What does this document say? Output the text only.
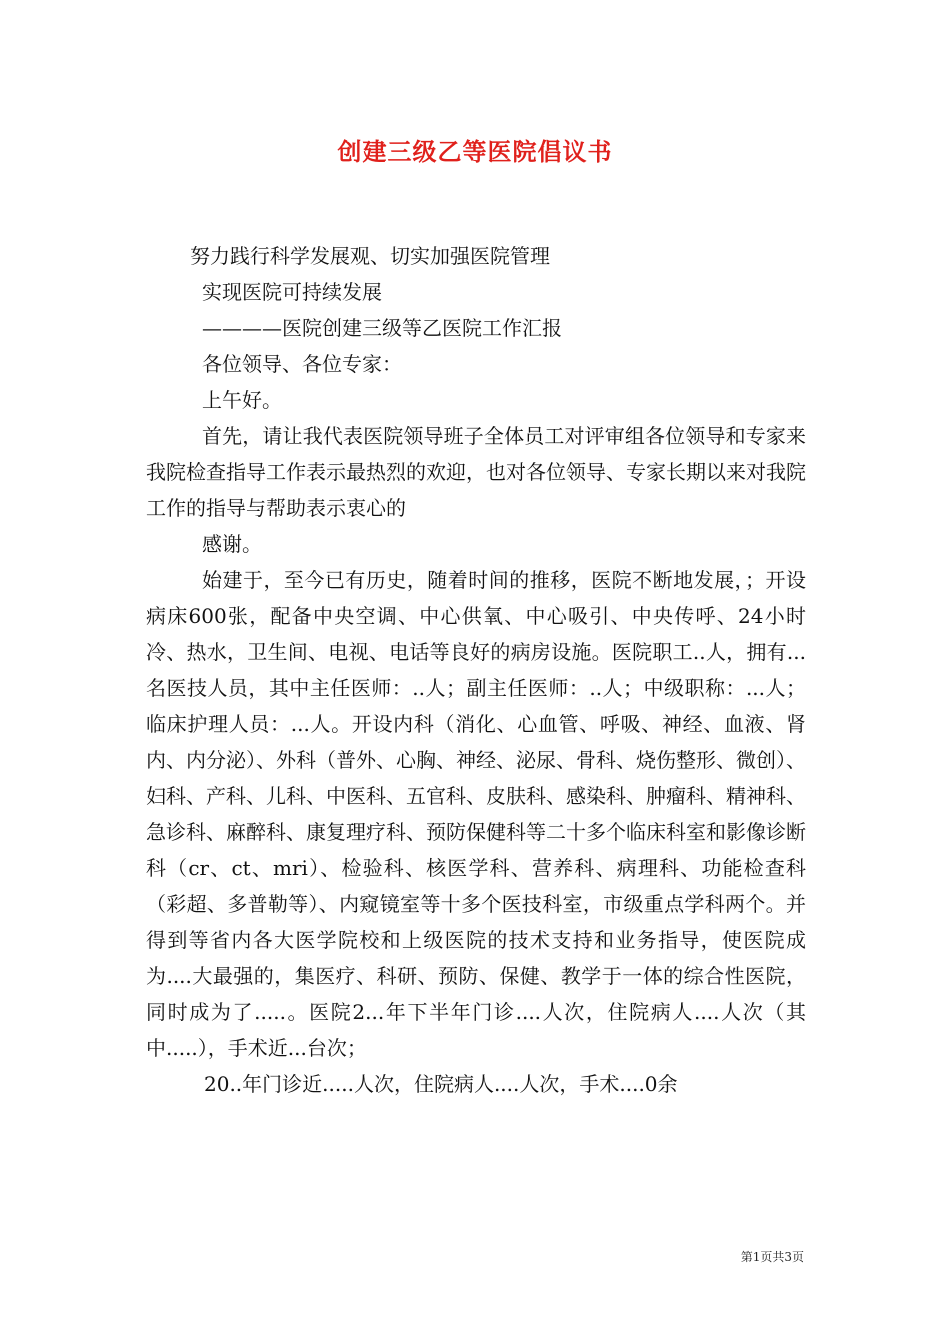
创建三级乙等医院倡议书

努力践行科学发展观、切实加强医院管理

实现医院可持续发展

————医院创建三级等乙医院工作汇报

各位领导、各位专家：

上午好。

首先，请让我代表医院领导班子全体员工对评审组各位领导和专家来我院检查指导工作表示最热烈的欢迎，也对各位领导、专家长期以来对我院工作的指导与帮助表示衷心的

感谢。

始建于，至今已有历史，随着时间的推移，医院不断地发展，；开设病床600张，配备中央空调、中心供氧、中心吸引、中央传呼、24小时冷、热水，卫生间、电视、电话等良好的病房设施。医院职工..人，拥有...名医技人员，其中主任医师：..人；副主任医师：..人；中级职称：...人；临床护理人员：...人。开设内科（消化、心血管、呼吸、神经、血液、肾内、内分泌）、外科（普外、心胸、神经、泌尿、骨科、烧伤整形、微创）、妇科、产科、儿科、中医科、五官科、皮肤科、感染科、肿瘤科、精神科、急诊科、麻醉科、康复理疗科、预防保健科等二十多个临床科室和影像诊断科（cr、ct、mri）、检验科、核医学科、营养科、病理科、功能检查科（彩超、多普勒等）、内窥镜室等十多个医技科室，市级重点学科两个。并得到等省内各大医学院校和上级医院的技术支持和业务指导，使医院成为....大最强的，集医疗、科研、预防、保健、教学于一体的综合性医院，同时成为了.....。医院2...年下半年门诊....人次，住院病人....人次（其中.....），手术近...台次；

20..年门诊近.....人次，住院病人....人次，手术....0余

第1页共3页
